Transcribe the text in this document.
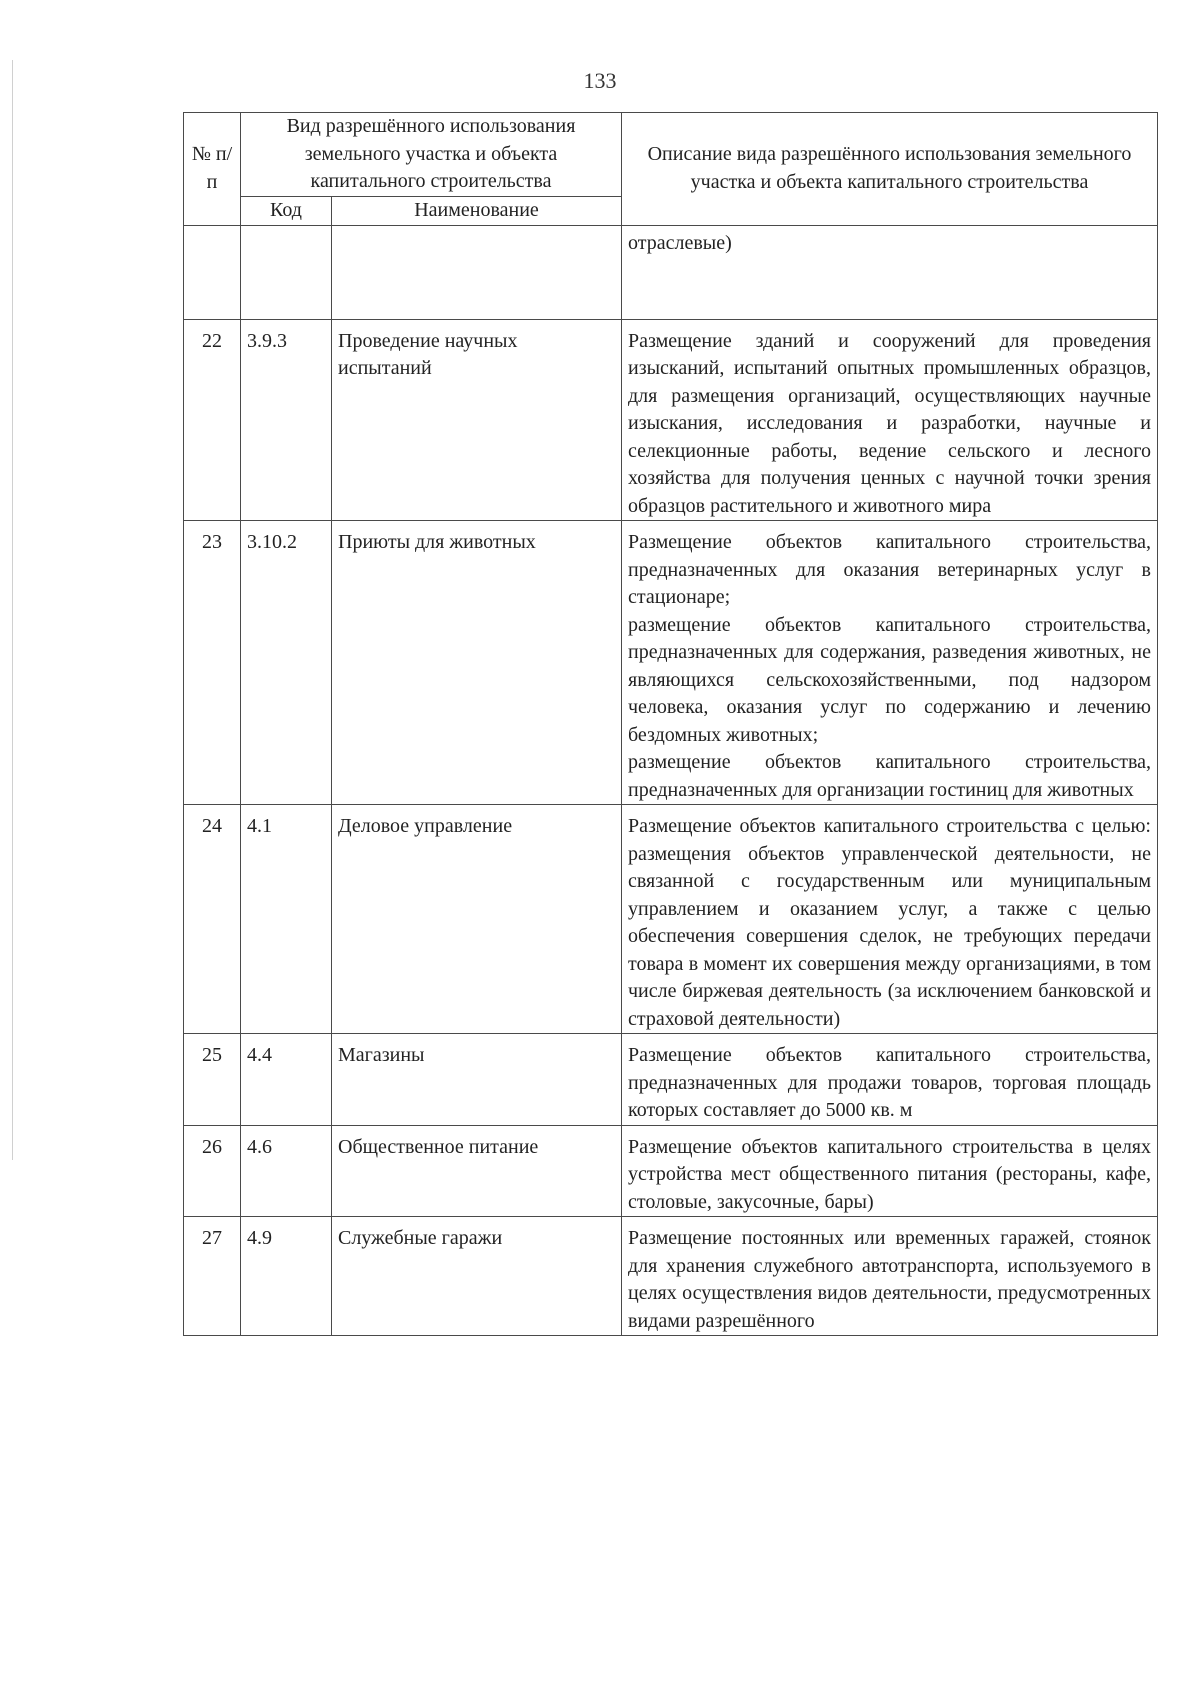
133
№ п/п	Вид разрешённого использования земельного участка и объекта капитального строительства		Описание вида разрешённого использования земельного участка и объекта капитального строительства
	Код	Наименование	
			отраслевые)
22	3.9.3	Проведение научных испытаний	Размещение зданий и сооружений для проведения изысканий, испытаний опытных промышленных образцов, для размещения организаций, осуществляющих научные изыскания, исследования и разработки, научные и селекционные работы, ведение сельского и лесного хозяйства для получения ценных с научной точки зрения образцов растительного и животного мира

23	3.10.2	Приюты для животных	Размещение объектов капитального строительства, предназначенных для оказания ветеринарных услуг в стационаре;
размещение объектов капитального строительства, предназначенных для содержания, разведения животных, не являющихся сельскохозяйственными, под надзором человека, оказания услуг по содержанию и лечению бездомных животных;
размещение объектов капитального строительства, предназначенных для организации гостиниц для животных

24	4.1	Деловое управление	Размещение объектов капитального строительства с целью: размещения объектов управленческой деятельности, не связанной с государственным или муниципальным управлением и оказанием услуг, а также с целью обеспечения совершения сделок, не требующих передачи товара в момент их совершения между организациями, в том числе биржевая деятельность (за исключением банковской и страховой деятельности)

25	4.4	Магазины	Размещение объектов капитального строительства, предназначенных для продажи товаров, торговая площадь которых составляет до 5000 кв. м

26	4.6	Общественное питание	Размещение объектов капитального строительства в целях устройства мест общественного питания (рестораны, кафе, столовые, закусочные, бары)

27	4.9	Служебные гаражи	Размещение постоянных или временных гаражей, стоянок для хранения служебного автотранспорта, используемого в целях осуществления видов деятельности, предусмотренных видами разрешённого
